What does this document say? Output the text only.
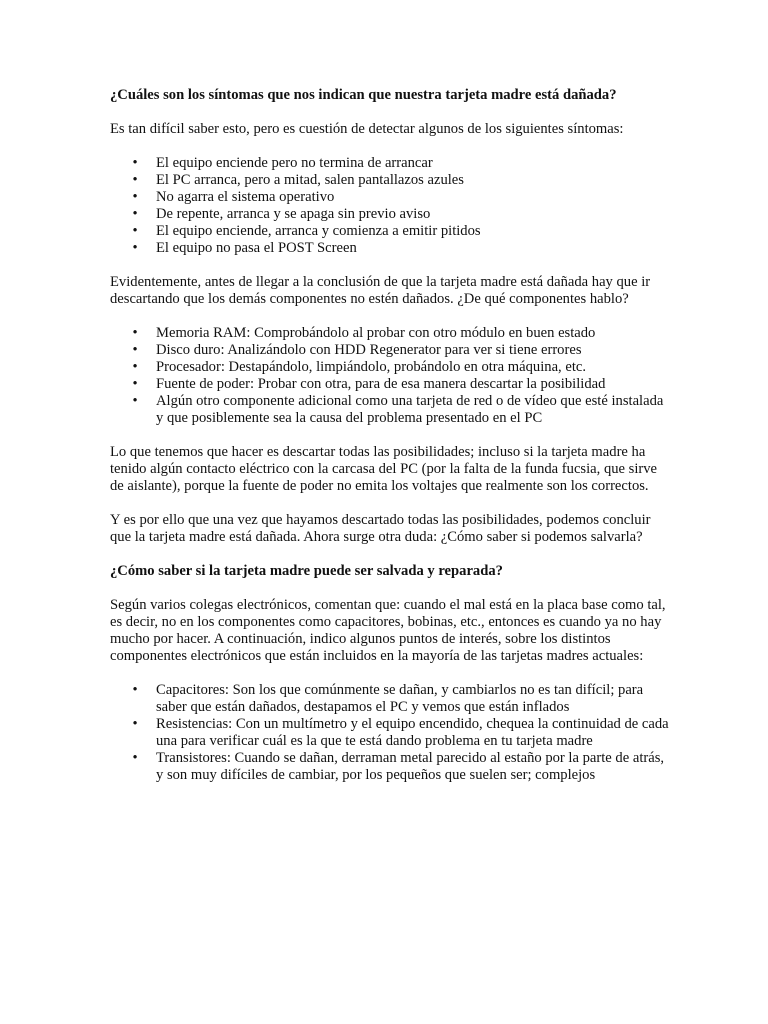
¿Cuáles son los síntomas que nos indican que nuestra tarjeta madre está dañada?

Es tan difícil saber esto, pero es cuestión de detectar algunos de los siguientes síntomas:

• El equipo enciende pero no termina de arrancar
• El PC arranca, pero a mitad, salen pantallazos azules
• No agarra el sistema operativo
• De repente, arranca y se apaga sin previo aviso
• El equipo enciende, arranca y comienza a emitir pitidos
• El equipo no pasa el POST Screen

Evidentemente, antes de llegar a la conclusión de que la tarjeta madre está dañada hay que ir descartando que los demás componentes no estén dañados. ¿De qué componentes hablo?

• Memoria RAM: Comprobándolo al probar con otro módulo en buen estado
• Disco duro: Analizándolo con HDD Regenerator para ver si tiene errores
• Procesador: Destapándolo, limpiándolo, probándolo en otra máquina, etc.
• Fuente de poder: Probar con otra, para de esa manera descartar la posibilidad
• Algún otro componente adicional como una tarjeta de red o de vídeo que esté instalada y que posiblemente sea la causa del problema presentado en el PC

Lo que tenemos que hacer es descartar todas las posibilidades; incluso si la tarjeta madre ha tenido algún contacto eléctrico con la carcasa del PC (por la falta de la funda fucsia, que sirve de aislante), porque la fuente de poder no emita los voltajes que realmente son los correctos.

Y es por ello que una vez que hayamos descartado todas las posibilidades, podemos concluir que la tarjeta madre está dañada. Ahora surge otra duda: ¿Cómo saber si podemos salvarla?

¿Cómo saber si la tarjeta madre puede ser salvada y reparada?

Según varios colegas electrónicos, comentan que: cuando el mal está en la placa base como tal, es decir, no en los componentes como capacitores, bobinas, etc., entonces es cuando ya no hay mucho por hacer. A continuación, indico algunos puntos de interés, sobre los distintos componentes electrónicos que están incluidos en la mayoría de las tarjetas madres actuales:

• Capacitores: Son los que comúnmente se dañan, y cambiarlos no es tan difícil; para saber que están dañados, destapamos el PC y vemos que están inflados
• Resistencias: Con un multímetro y el equipo encendido, chequea la continuidad de cada una para verificar cuál es la que te está dando problema en tu tarjeta madre
• Transistores: Cuando se dañan, derraman metal parecido al estaño por la parte de atrás, y son muy difíciles de cambiar, por los pequeños que suelen ser; complejos
